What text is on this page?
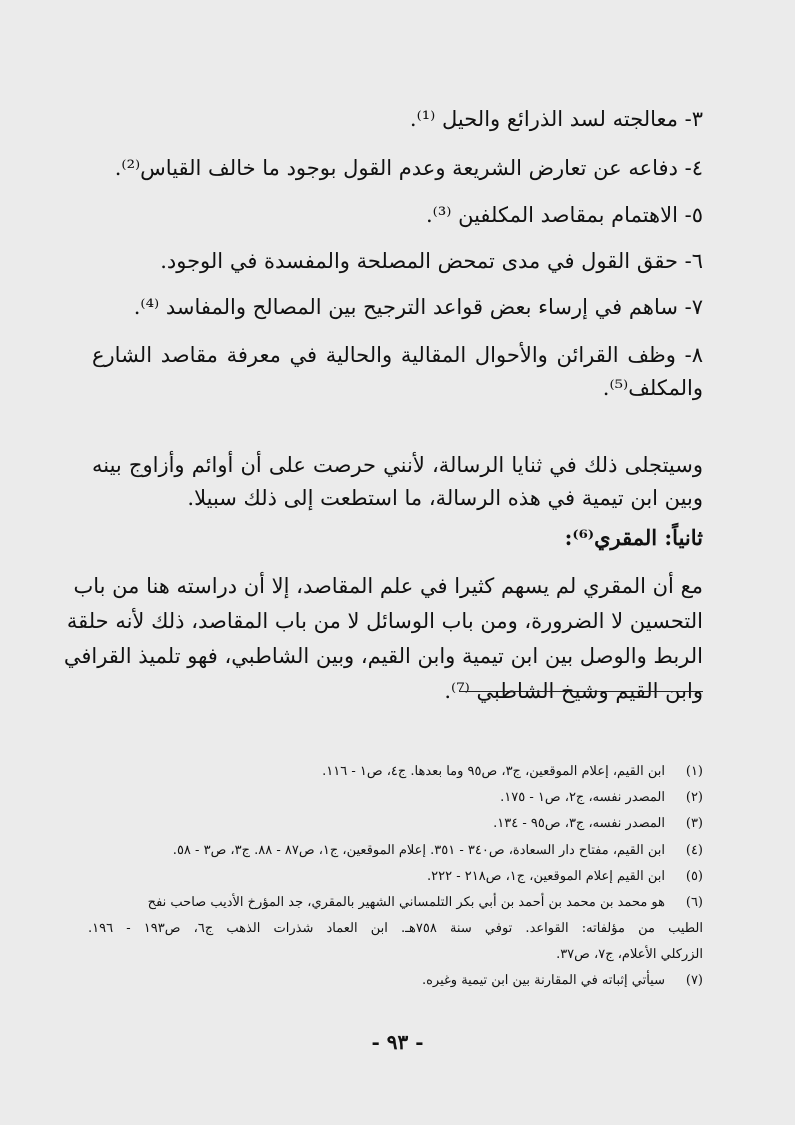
٣- معالجته لسد الذرائع والحيل ⁽¹⁾.
٤- دفاعه عن تعارض الشريعة وعدم القول بوجود ما خالف القياس⁽²⁾.
٥- الاهتمام بمقاصد المكلفين ⁽³⁾.
٦- حقق القول في مدى تمحض المصلحة والمفسدة في الوجود.
٧- ساهم في إرساء بعض قواعد الترجيح بين المصالح والمفاسد ⁽⁴⁾.
٨- وظف القرائن والأحوال المقالية والحالية في معرفة مقاصد الشارع
والمكلف⁽⁵⁾.
وسيتجلى ذلك في ثنايا الرسالة، لأنني حرصت على أن أوائم وأزاوج بينه
وبين ابن تيمية في هذه الرسالة، ما استطعت إلى ذلك سبيلا.
ثانياً: المقري⁽⁶⁾:
مع أن المقري لم يسهم كثيرا في علم المقاصد، إلا أن دراسته هنا من باب
التحسين لا الضرورة، ومن باب الوسائل لا من باب المقاصد، ذلك لأنه حلقة
الربط والوصل بين ابن تيمية وابن القيم، وبين الشاطبي، فهو تلميذ القرافي
وابن القيم وشيخ الشاطبي ⁽⁷⁾.
(١)
ابن القيم، إعلام الموقعين، ج٣، ص٩٥ وما بعدها. ج٤، ص١ - ١١٦.
(٢)
المصدر نفسه، ج٢، ص١ - ١٧٥.
(٣)
المصدر نفسه، ج٣، ص٩٥ - ١٣٤.
(٤)
ابن القيم، مفتاح دار السعادة، ص٣٤٠ - ٣٥١. إعلام الموقعين، ج١، ص٨٧ - ٨٨. ج٣، ص٣ - ٥٨.
(٥)
ابن القيم إعلام الموقعين، ج١، ص٢١٨ - ٢٢٢.
(٦)
هو محمد بن محمد بن أحمد بن أبي بكر التلمساني الشهير بالمقري، جد المؤرخ الأديب صاحب نفح
الطيب من مؤلفاته: القواعد. توفي سنة ٧٥٨هـ. ابن العماد شذرات الذهب ج٦، ص١٩٣ - ١٩٦.
الزركلي الأعلام، ج٧، ص٣٧.
(٧)
سيأتي إثباته في المقارنة بين ابن تيمية وغيره.
- ٩٣ -
